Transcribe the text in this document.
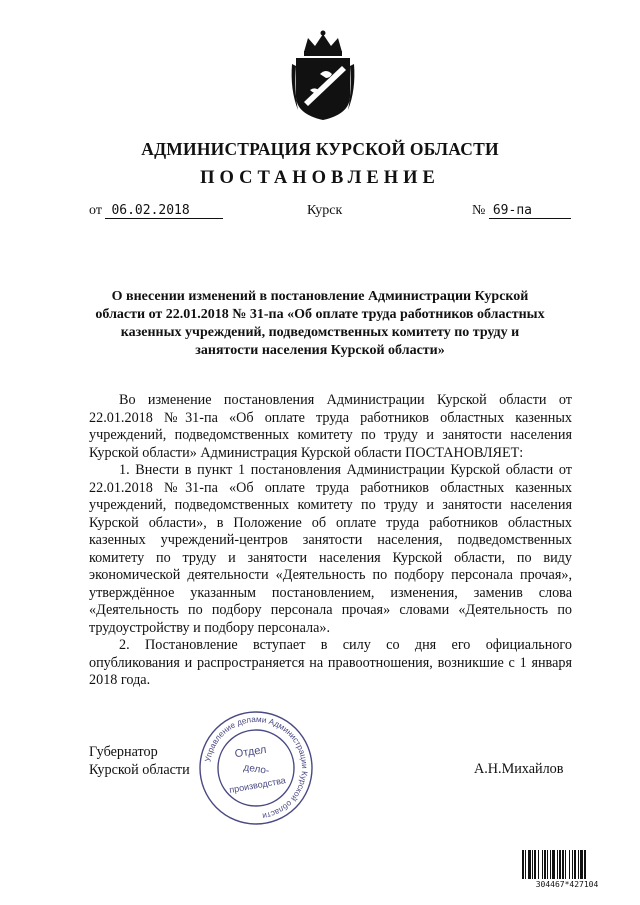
АДМИНИСТРАЦИЯ КУРСКОЙ ОБЛАСТИ
ПОСТАНОВЛЕНИЕ
от 06.02.2018	Курск	№ 69-па
О внесении изменений в постановление Администрации Курской
области от 22.01.2018 № 31-па «Об оплате труда работников областных
казенных учреждений, подведомственных комитету по труду и
занятости населения Курской области»

Во изменение постановления Администрации Курской области от 22.01.2018 №31-па «Об оплате труда работников областных казенных учреждений, подведомственных комитету по труду и занятости населения Курской области» Администрация Курской области ПОСТАНОВЛЯЕТ:

1. Внести в пункт 1 постановления Администрации Курской области от 22.01.2018 №31-па «Об оплате труда работников областных казенных учреждений, подведомственных комитету по труду и занятости населения Курской области», в Положение об оплате труда работников областных казенных учреждений-центров занятости населения, подведомственных комитету по труду и занятости населения Курской области, по виду экономической деятельности «Деятельность по подбору персонала прочая», утверждённое указанным постановлением, изменения, заменив слова «Деятельность по подбору персонала прочая» словами «Деятельность по трудоустройству и подбору персонала».

2. Постановление вступает в силу со дня его официального опубликования и распространяется на правоотношения, возникшие с 1 января 2018 года.

Губернатор
Курской области	А.Н.Михайлов
Управление делами Администрации Курской области
Отдел
дело-
производства
304467*427104
